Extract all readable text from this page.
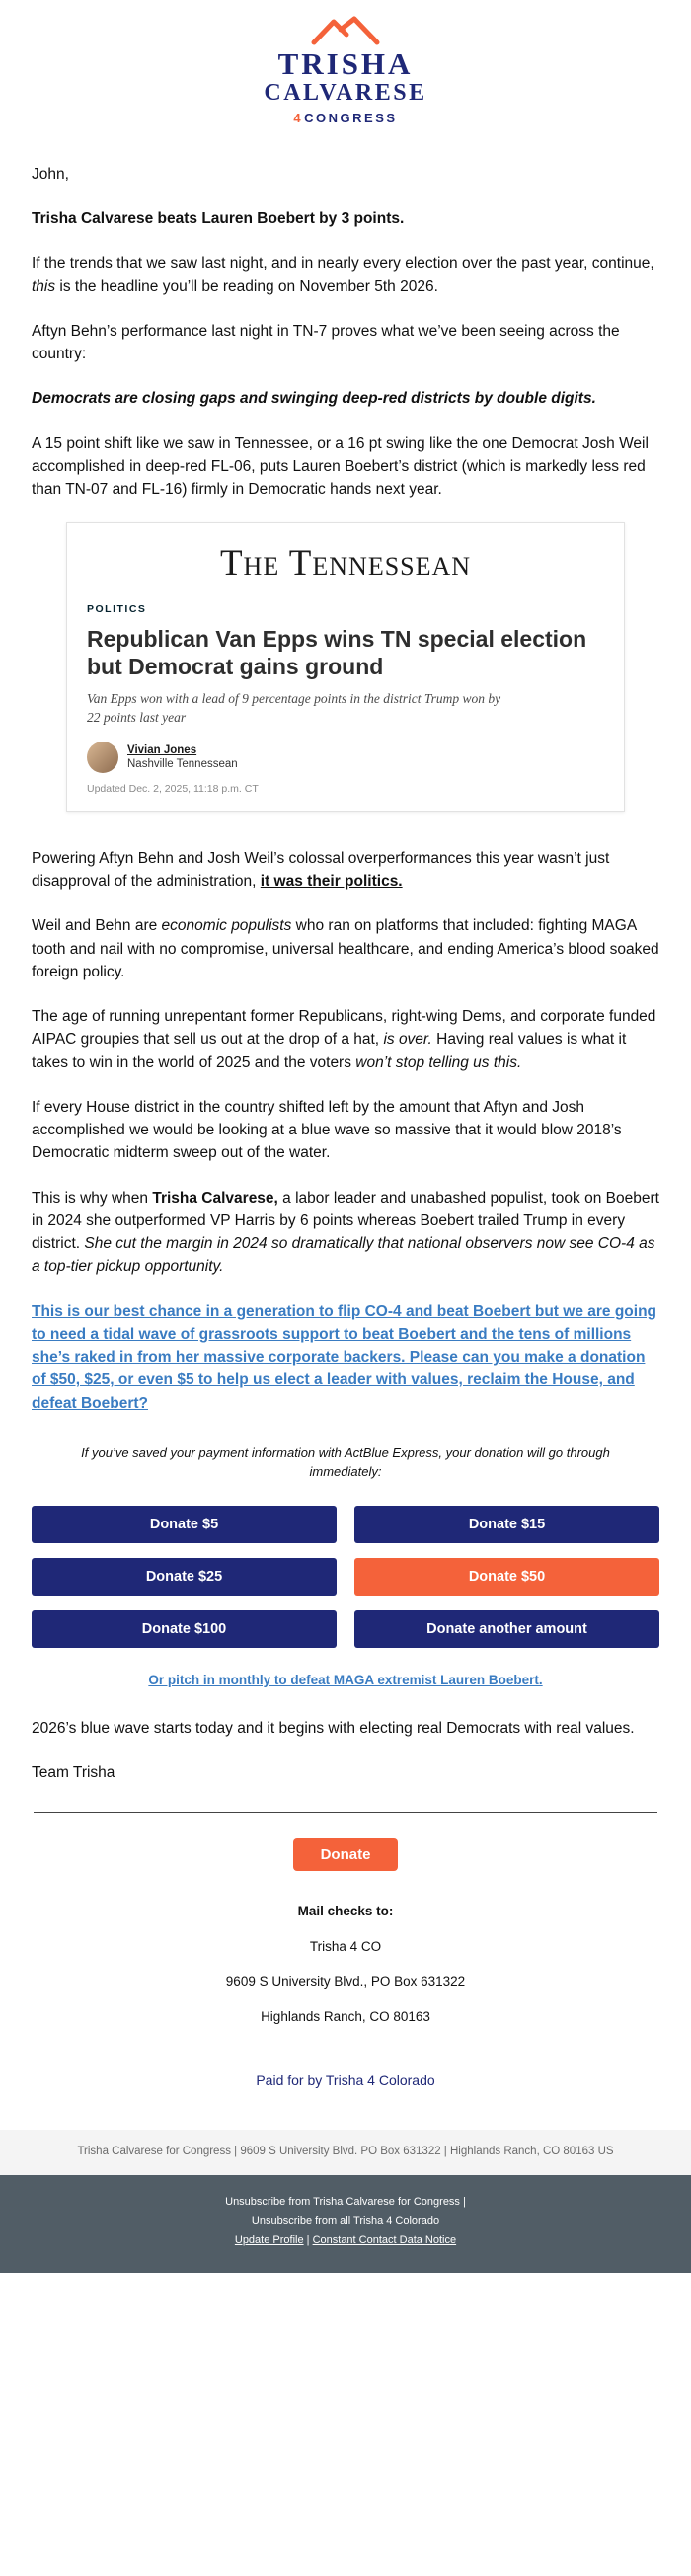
TRISHA
CALVARESE
4CONGRESS

John,

Trisha Calvarese beats Lauren Boebert by 3 points.

If the trends that we saw last night, and in nearly every election over the past year, continue, this is the headline you’ll be reading on November 5th 2026.

Aftyn Behn’s performance last night in TN-7 proves what we’ve been seeing across the country:

Democrats are closing gaps and swinging deep-red districts by double digits.

A 15 point shift like we saw in Tennessee, or a 16 pt swing like the one Democrat Josh Weil accomplished in deep-red FL-06, puts Lauren Boebert’s district (which is markedly less red than TN-07 and FL-16) firmly in Democratic hands next year.

The Tennessean
POLITICS
Republican Van Epps wins TN special election but Democrat gains ground
Van Epps won with a lead of 9 percentage points in the district Trump won by 22 points last year
Vivian Jones
Nashville Tennessean
Updated Dec. 2, 2025, 11:18 p.m. CT

Powering Aftyn Behn and Josh Weil’s colossal overperformances this year wasn’t just disapproval of the administration, it was their politics.

Weil and Behn are economic populists who ran on platforms that included: fighting MAGA tooth and nail with no compromise, universal healthcare, and ending America’s blood soaked foreign policy.

The age of running unrepentant former Republicans, right-wing Dems, and corporate funded AIPAC groupies that sell us out at the drop of a hat, is over. Having real values is what it takes to win in the world of 2025 and the voters won’t stop telling us this.

If every House district in the country shifted left by the amount that Aftyn and Josh accomplished we would be looking at a blue wave so massive that it would blow 2018’s Democratic midterm sweep out of the water.

This is why when Trisha Calvarese, a labor leader and unabashed populist, took on Boebert in 2024 she outperformed VP Harris by 6 points whereas Boebert trailed Trump in every district. She cut the margin in 2024 so dramatically that national observers now see CO-4 as a top-tier pickup opportunity.

This is our best chance in a generation to flip CO-4 and beat Boebert but we are going to need a tidal wave of grassroots support to beat Boebert and the tens of millions she’s raked in from her massive corporate backers. Please can you make a donation of $50, $25, or even $5 to help us elect a leader with values, reclaim the House, and defeat Boebert?

If you’ve saved your payment information with ActBlue Express, your donation will go through immediately:

Donate $5	Donate $15
Donate $25	Donate $50
Donate $100	Donate another amount

Or pitch in monthly to defeat MAGA extremist Lauren Boebert.

2026’s blue wave starts today and it begins with electing real Democrats with real values.

Team Trisha

Donate

Mail checks to:

Trisha 4 CO

9609 S University Blvd., PO Box 631322

Highlands Ranch, CO 80163

Paid for by Trisha 4 Colorado

Trisha Calvarese for Congress | 9609 S University Blvd. PO Box 631322 | Highlands Ranch, CO 80163 US
Unsubscribe from Trisha Calvarese for Congress |
Unsubscribe from all Trisha 4 Colorado
Update Profile | Constant Contact Data Notice
